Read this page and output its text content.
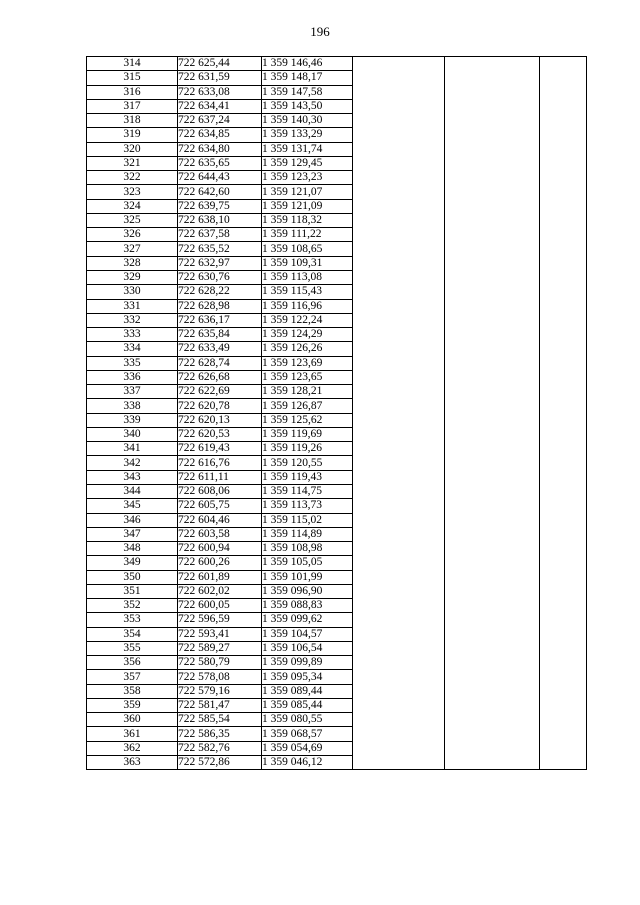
196
314	722 625,44	1 359 146,46			
315	722 631,59	1 359 148,17			
316	722 633,08	1 359 147,58			
317	722 634,41	1 359 143,50			
318	722 637,24	1 359 140,30			
319	722 634,85	1 359 133,29			
320	722 634,80	1 359 131,74			
321	722 635,65	1 359 129,45			
322	722 644,43	1 359 123,23			
323	722 642,60	1 359 121,07			
324	722 639,75	1 359 121,09			
325	722 638,10	1 359 118,32			
326	722 637,58	1 359 111,22			
327	722 635,52	1 359 108,65			
328	722 632,97	1 359 109,31			
329	722 630,76	1 359 113,08			
330	722 628,22	1 359 115,43			
331	722 628,98	1 359 116,96			
332	722 636,17	1 359 122,24			
333	722 635,84	1 359 124,29			
334	722 633,49	1 359 126,26			
335	722 628,74	1 359 123,69			
336	722 626,68	1 359 123,65			
337	722 622,69	1 359 128,21			
338	722 620,78	1 359 126,87			
339	722 620,13	1 359 125,62			
340	722 620,53	1 359 119,69			
341	722 619,43	1 359 119,26			
342	722 616,76	1 359 120,55			
343	722 611,11	1 359 119,43			
344	722 608,06	1 359 114,75			
345	722 605,75	1 359 113,73			
346	722 604,46	1 359 115,02			
347	722 603,58	1 359 114,89			
348	722 600,94	1 359 108,98			
349	722 600,26	1 359 105,05			
350	722 601,89	1 359 101,99			
351	722 602,02	1 359 096,90			
352	722 600,05	1 359 088,83			
353	722 596,59	1 359 099,62			
354	722 593,41	1 359 104,57			
355	722 589,27	1 359 106,54			
356	722 580,79	1 359 099,89			
357	722 578,08	1 359 095,34			
358	722 579,16	1 359 089,44			
359	722 581,47	1 359 085,44			
360	722 585,54	1 359 080,55			
361	722 586,35	1 359 068,57			
362	722 582,76	1 359 054,69			
363	722 572,86	1 359 046,12			
